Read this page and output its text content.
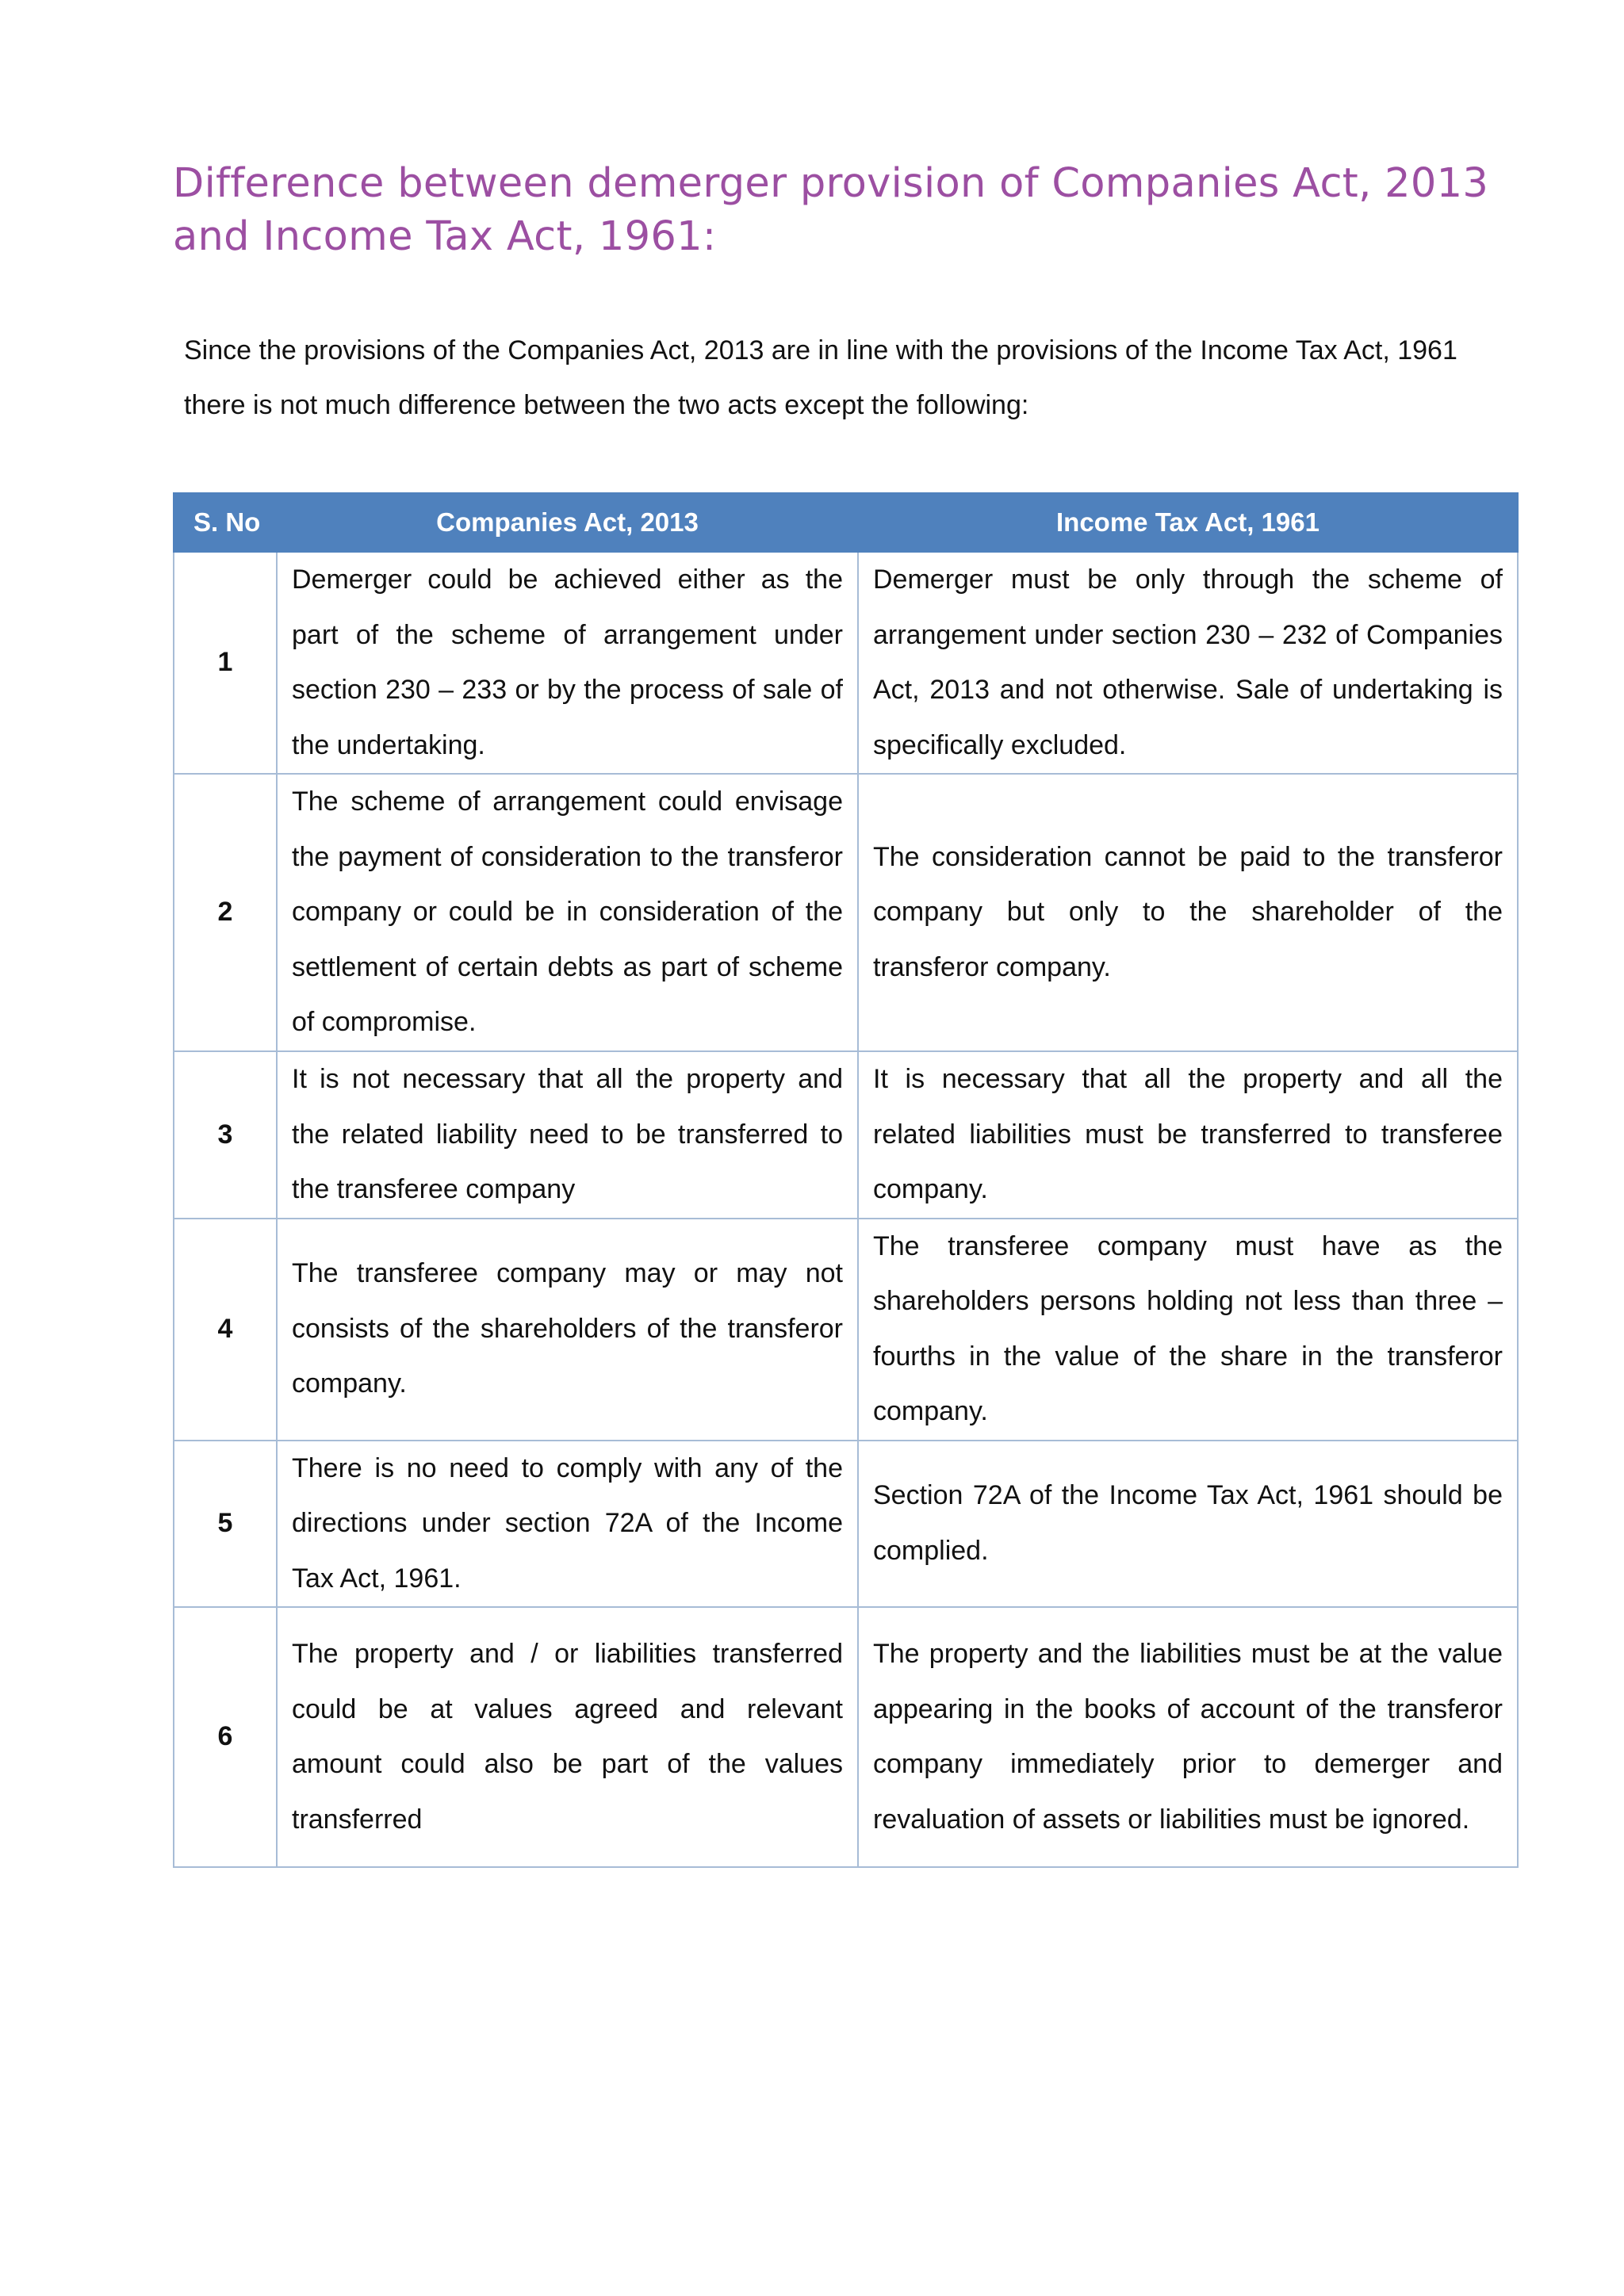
Difference between demerger provision of Companies Act, 2013 and Income Tax Act, 1961:

Since the provisions of the Companies Act, 2013 are in line with the provisions of the Income Tax Act, 1961 there is not much difference between the two acts except the following:

S. No	Companies Act, 2013	Income Tax Act, 1961
1	Demerger could be achieved either as the part of the scheme of arrangement under section 230 – 233 or by the process of sale of the undertaking.	Demerger must be only through the scheme of arrangement under section 230 – 232 of Companies Act, 2013 and not otherwise. Sale of undertaking is specifically excluded.
2	The scheme of arrangement could envisage the payment of consideration to the transferor company or could be in consideration of the settlement of certain debts as part of scheme of compromise.	The consideration cannot be paid to the transferor company but only to the shareholder of the transferor company.
3	It is not necessary that all the property and the related liability need to be transferred to the transferee company	It is necessary that all the property and all the related liabilities must be transferred to transferee company.
4	The transferee company may or may not consists of the shareholders of the transferor company.	The transferee company must have as the shareholders persons holding not less than three – fourths in the value of the share in the transferor company.
5	There is no need to comply with any of the directions under section 72A of the Income Tax Act, 1961.	Section 72A of the Income Tax Act, 1961 should be complied.
6	The property and / or liabilities transferred could be at values agreed and relevant amount could also be part of the values transferred	The property and the liabilities must be at the value appearing in the books of account of the transferor company immediately prior to demerger and revaluation of assets or liabilities must be ignored.
